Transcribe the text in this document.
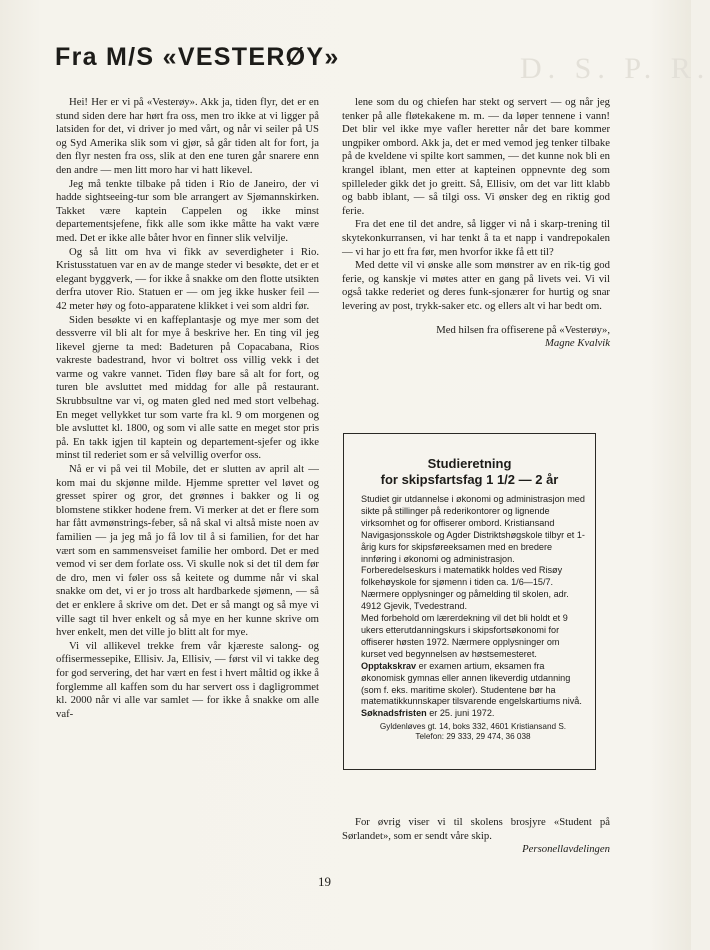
D. S. P. R.
Fra M/S «VESTERØY»

Hei! Her er vi på «Vesterøy». Akk ja, tiden flyr, det er en stund siden dere har hørt fra oss, men tro ikke at vi ligger på latsiden for det, vi driver jo med vårt, og når vi seiler på US og Syd Amerika slik som vi gjør, så går tiden alt for fort, ja den flyr nesten fra oss, slik at den ene turen går snarere enn den andre — men litt moro har vi hatt likevel.

Jeg må tenkte tilbake på tiden i Rio de Janeiro, der vi hadde sightseeing-tur som ble arrangert av Sjømannskirken. Takket være kaptein Cappelen og ikke minst departementsjefene, fikk alle som ikke måtte ha vakt være med. Det er ikke alle båter hvor en finner slik velvilje.

Og så litt om hva vi fikk av severdigheter i Rio. Kristusstatuen var en av de mange steder vi besøkte, det er et elegant byggverk, — for ikke å snakke om den flotte utsikten derfra utover Rio. Statuen er — om jeg ikke husker feil — 42 meter høy og foto-apparatene klikket i vei som aldri før.

Siden besøkte vi en kaffeplantasje og mye mer som det dessverre vil bli alt for mye å beskrive her. En ting vil jeg likevel gjerne ta med: Badeturen på Copacabana, Rios vakreste badestrand, hvor vi boltret oss villig vekk i det varme og vakre vannet. Tiden fløy bare så alt for fort, og turen ble avsluttet med middag for alle på restaurant. Skrubbsultne var vi, og maten gled ned med stort velbehag. En meget vellykket tur som varte fra kl. 9 om morgenen og ble avsluttet kl. 1800, og som vi alle satte en meget stor pris på. En takk igjen til kaptein og departement-sjefer og ikke minst til rederiet som er så velvillig overfor oss.

Nå er vi på vei til Mobile, det er slutten av april alt — kom mai du skjønne milde. Hjemme spretter vel løvet og gresset spirer og gror, det grønnes i bakker og li og blomstene stikker hodene frem. Vi merker at det er flere som har fått avmønstrings-feber, så nå skal vi altså miste noen av familien — ja jeg må jo få lov til å si familien, for det har vært som en sammensveiset familie her ombord. Det er med vemod vi ser dem forlate oss. Vi skulle nok si det til dem før de dro, men vi føler oss så keitete og dumme når vi skal snakke om det, vi er jo tross alt hardbarkede sjømenn, — så det er enklere å skrive om det. Det er så mangt og så mye vi ville sagt til hver enkelt og så mye en her kunne skrive om hver enkelt, men det ville jo blitt alt for mye.

Vi vil allikevel trekke frem vår kjæreste salong- og offisermessepike, Ellisiv. Ja, Ellisiv, — først vil vi takke deg for god servering, det har vært en fest i hvert måltid og ikke å forglemme all kaffen som du har servert oss i dagligrommet kl. 2000 når vi alle var samlet — for ikke å snakke om alle vaf-

lene som du og chiefen har stekt og servert — og når jeg tenker på alle fløtekakene m. m. — da løper tennene i vann! Det blir vel ikke mye vafler heretter når det bare kommer ungpiker ombord. Akk ja, det er med vemod jeg tenker tilbake på de kveldene vi spilte kort sammen, — det kunne nok bli en krangel iblant, men etter at kapteinen oppnevnte deg som spilleleder gikk det jo greitt. Så, Ellisiv, om det var litt klabb og babb iblant, — så tilgi oss. Vi ønsker deg en riktig god ferie.

Fra det ene til det andre, så ligger vi nå i skarp-trening til skytekonkurransen, vi har tenkt å ta et napp i vandrepokalen — vi har jo ett fra før, men hvorfor ikke få ett til?

Med dette vil vi ønske alle som mønstrer av en rik-tig god ferie, og kanskje vi møtes atter en gang på livets vei. Vi vil også takke rederiet og deres funk-sjonærer for hurtig og snar levering av post, trykk-saker etc. og ellers alt vi har bedt om.

Med hilsen fra offiserene på «Vesterøy»,

Magne Kvalvik

Studieretning
for skipsfartsfag 1 1/2 — 2 år

Studiet gir utdannelse i økonomi og administrasjon med sikte på stillinger på rederikontorer og lignende virksomhet og for offiserer ombord. Kristiansand Navigasjonsskole og Agder Distriktshøgskole tilbyr et 1-årig kurs for skipsføreeksamen med en bredere innføring i økonomi og administrasjon.

Forberedelseskurs i matematikk holdes ved Risøy folkehøyskole for sjømenn i tiden ca. 1/6—15/7. Nærmere opplysninger og påmelding til skolen, adr. 4912 Gjevik, Tvedestrand.

Med forbehold om lærerdekning vil det bli holdt et 9 ukers etterutdanningskurs i skipsfortsøkonomi for offiserer høsten 1972. Nærmere opplysninger om kurset ved begynnelsen av høstsemesteret.

Opptakskrav er examen artium, eksamen fra økonomisk gymnas eller annen likeverdig utdanning (som f. eks. maritime skoler). Studentene bør ha matematikkunnskaper tilsvarende engelskartiums nivå.

Søknadsfristen er 25. juni 1972.

Gyldenløves gt. 14, boks 332, 4601 Kristiansand S.
Telefon: 29 333, 29 474, 36 038

For øvrig viser vi til skolens brosjyre «Student på Sørlandet», som er sendt våre skip.

Personellavdelingen

19
